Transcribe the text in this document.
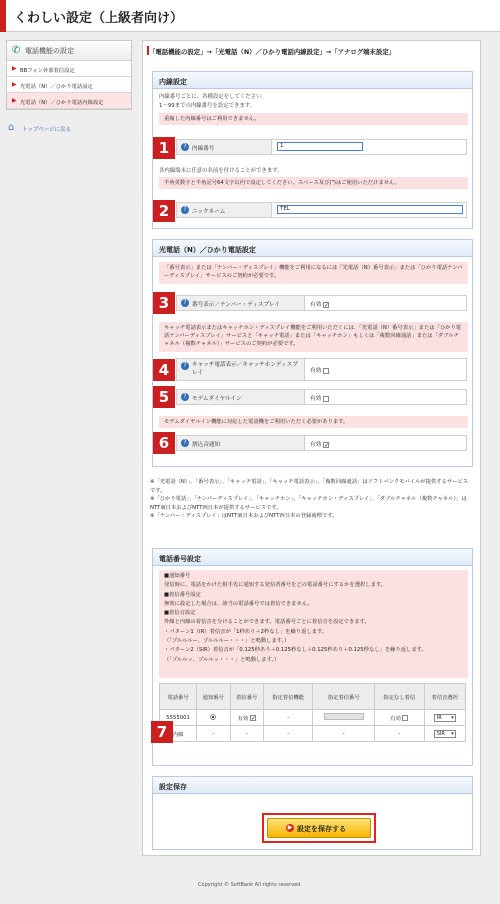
くわしい設定（上級者向け）
✆ 電話機能の設定
▶ BBフォン外部着信設定
▶ 光電話（N）／ひかり電話設定
▶ 光電話（N）／ひかり電話内線設定
⌂ トップページに戻る
「電話機能の設定」→「光電話（N）／ひかり電話内線設定」→「アナログ端末設定」
内線設定
内線番号ごとに、各種設定をしてください。
1〜99までの内線番号を設定できます。
重複した内線番号はご利用できません。
1	? 内線番号	1
各内線端末に任意の名前を付けることができます。
半角英数字と半角記号64文字以内で設定してください。スペース及び(")はご使用いただけません。
2	? ニックネーム	TEL
光電話（N）／ひかり電話設定
「番号表示」または「ナンバー・ディスプレイ」機能をご利用になるには「光電話（N）番号表示」または「ひかり電話ナンバーディスプレイ」サービスのご契約が必要です。
3	? 番号表示／ナンバー・ディスプレイ	有効 ✓
キャッチ電話表示またはキャッチホン・ディスプレイ機能をご利用いただくには、「光電話（N）番号表示」または「ひかり電話ナンバーディスプレイ」サービスと「キャッチ電話」または「キャッチホン」もしくは「複数回線通話」または「ダブルチャネル（複数チャネル）」サービスのご契約が必要です。
4	? キャッチ電話表示／キャッチホンディスプレイ	有効
5	? モデムダイヤルイン	有効
モデムダイヤルイン機能に対応した電話機をご利用いただく必要があります。
6	? 割込音通知	有効 ✓
※「光電話（N）」、「番号表示」、「キャッチ電話」、「キャッチ電話表示」、「複数回線通話」はソフトバンクモバイルが提供するサービスです。
※「ひかり電話」、「ナンバーディスプレイ」、「キャッチホン」、「キャッチホン・ディスプレイ」、「ダブルチャネル（複数チャネル）」はNTT東日本およびNTT西日本が提供するサービスです。
※「ナンバー・ディスプレイ」はNTT東日本およびNTT西日本の登録商標です。
電話番号設定
■通知番号
発信時に、電話をかけた相手先に通知する発信者番号をどの電話番号にするかを選択します。
■着信番号設定
無効に設定した場合は、該当の電話番号では着信できません。
■着信音設定
外線と内線の着信音を分けることができます。電話番号ごとに着信音を設定できます。
・パターン1（IR）着信音が「1秒あり＋2秒なし」を繰り返します。
（「プルルルー、プルルルー・・・」と鳴動します。）
・パターン2（SIR）着信音が「0.125秒あり＋0.125秒なし＋0.125秒あり＋0.125秒なし」を繰り返します。
（「プルルッ、プルルッ・・・」と鳴動します。）
7
電話番号	通知番号	着信番号	指定着信機能	指定着信番号	指定なし着信	着信音選択
5555001		有効 ✓	-		有効	IR ▾
内線	-	-	-	-	-	SIR ▾
設定保存
▶ 設定を保存する
Copyright © SoftBank All rights reserved.
